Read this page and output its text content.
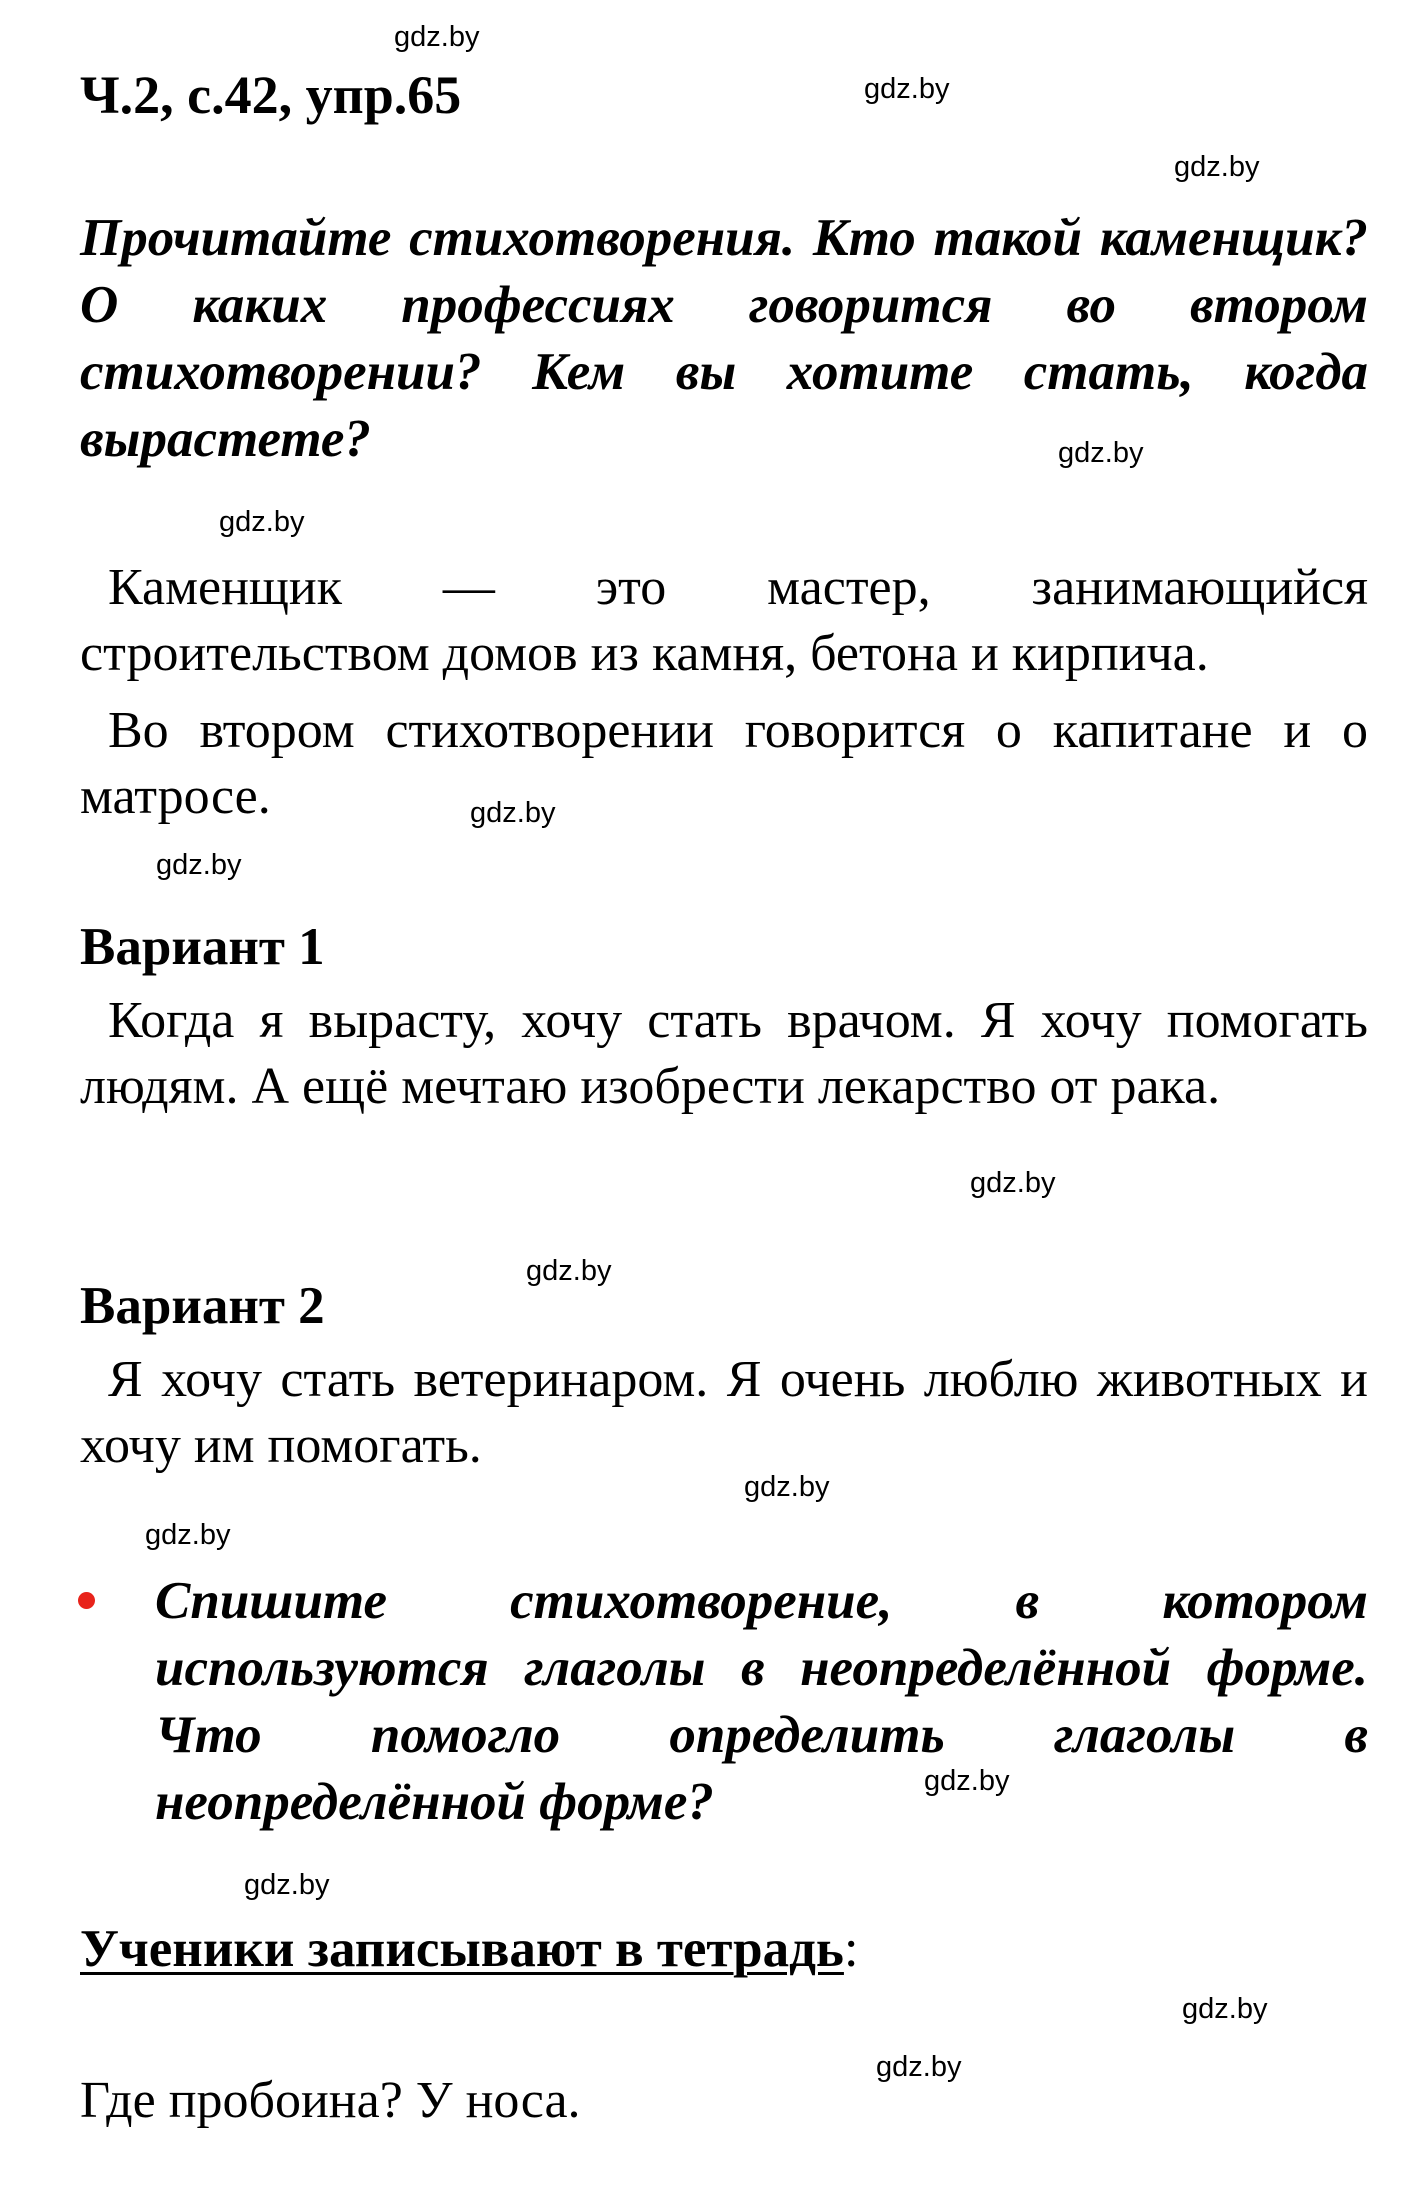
Ч.2, с.42, упр.65

Прочитайте стихотворения. Кто такой каменщик? О каких профессиях говорится во втором стихотворении? Кем вы хотите стать, когда вырастете?

Каменщик — это мастер, занимающийся строительством домов из камня, бетона и кирпича.

Во втором стихотворении говорится о капитане и о матросе.

Вариант 1

Когда я вырасту, хочу стать врачом. Я хочу помогать людям. А ещё мечтаю изобрести лекарство от рака.

Вариант 2

Я хочу стать ветеринаром. Я очень люблю животных и хочу им помогать.

Спишите стихотворение, в котором используются глаголы в неопределённой форме. Что помогло определить глаголы в неопределённой форме?

Ученики записывают в тетрадь:

Где пробоина? У носа.

gdz.by
gdz.by
gdz.by
gdz.by
gdz.by
gdz.by
gdz.by
gdz.by
gdz.by
gdz.by
gdz.by
gdz.by
gdz.by
gdz.by
gdz.by
